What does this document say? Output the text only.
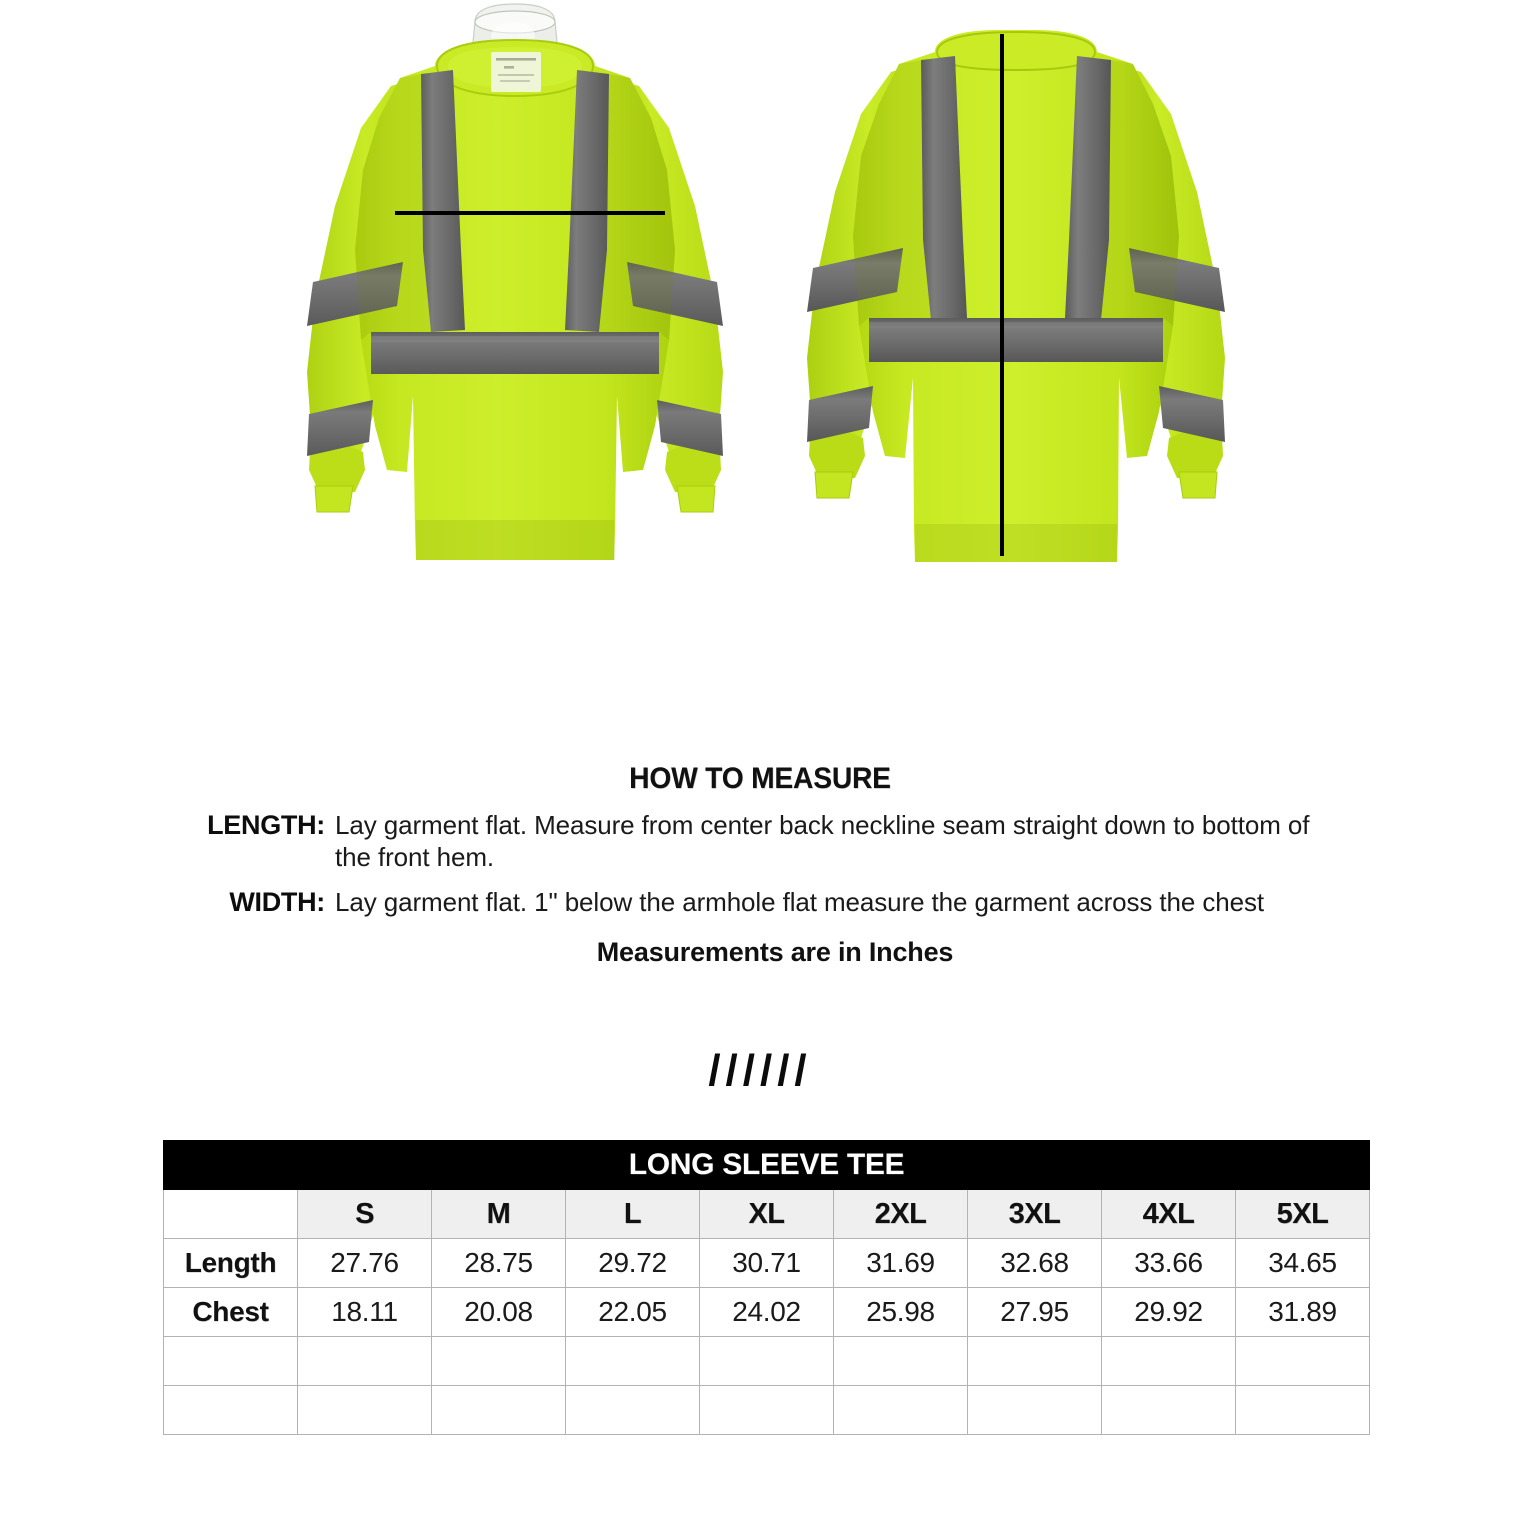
HOW TO MEASURE
LENGTH: Lay garment flat. Measure from center back neckline seam straight down to bottom of the front hem.
WIDTH: Lay garment flat. 1" below the armhole flat measure the garment across the chest
Measurements are in Inches
//////
LONG SLEEVE TEE								
	S	M	L	XL	2XL	3XL	4XL	5XL
Length	27.76	28.75	29.72	30.71	31.69	32.68	33.66	34.65
Chest	18.11	20.08	22.05	24.02	25.98	27.95	29.92	31.89
